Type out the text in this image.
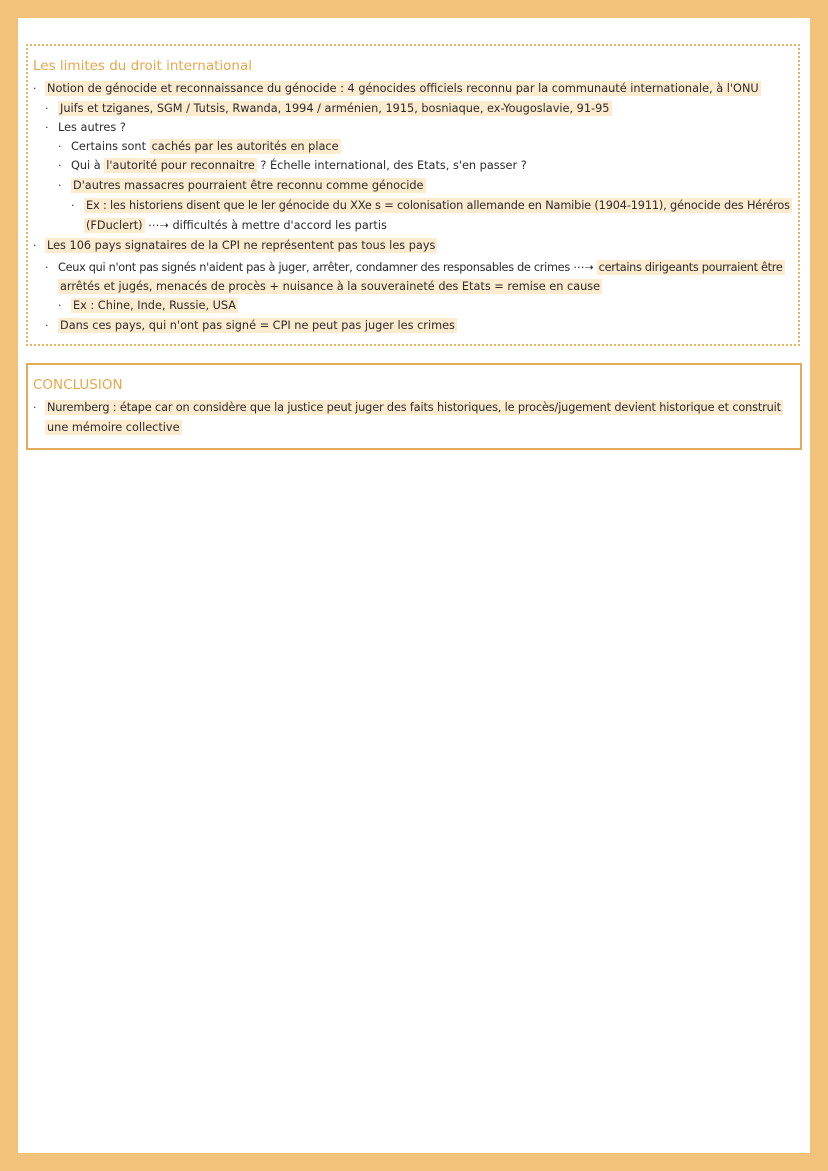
Les limites du droit international
· Notion de génocide et reconnaissance du génocide : 4 génocides officiels reconnu par la communauté internationale, à l'ONU
· Juifs et tziganes, SGM / Tutsis, Rwanda, 1994 / arménien, 1915, bosniaque, ex-Yougoslavie, 91-95
· Les autres ?
· Certains sont cachés par les autorités en place
· Qui à l'autorité pour reconnaitre ? Échelle international, des Etats, s'en passer ?
· D'autres massacres pourraient être reconnu comme génocide
· Ex : les historiens disent que le ler génocide du XXe s = colonisation allemande en Namibie (1904-1911), génocide des Héréros
(FDuclert) ⋯➝ difficultés à mettre d'accord les partis
· Les 106 pays signataires de la CPI ne représentent pas tous les pays
· Ceux qui n'ont pas signés n'aident pas à juger, arrêter, condamner des responsables de crimes ⋯➝ certains dirigeants pourraient être
arrêtés et jugés, menacés de procès + nuisance à la souveraineté des Etats = remise en cause
· Ex : Chine, Inde, Russie, USA
· Dans ces pays, qui n'ont pas signé = CPI ne peut pas juger les crimes
CONCLUSION
· Nuremberg : étape car on considère que la justice peut juger des faits historiques, le procès/jugement devient historique et construit
une mémoire collective
